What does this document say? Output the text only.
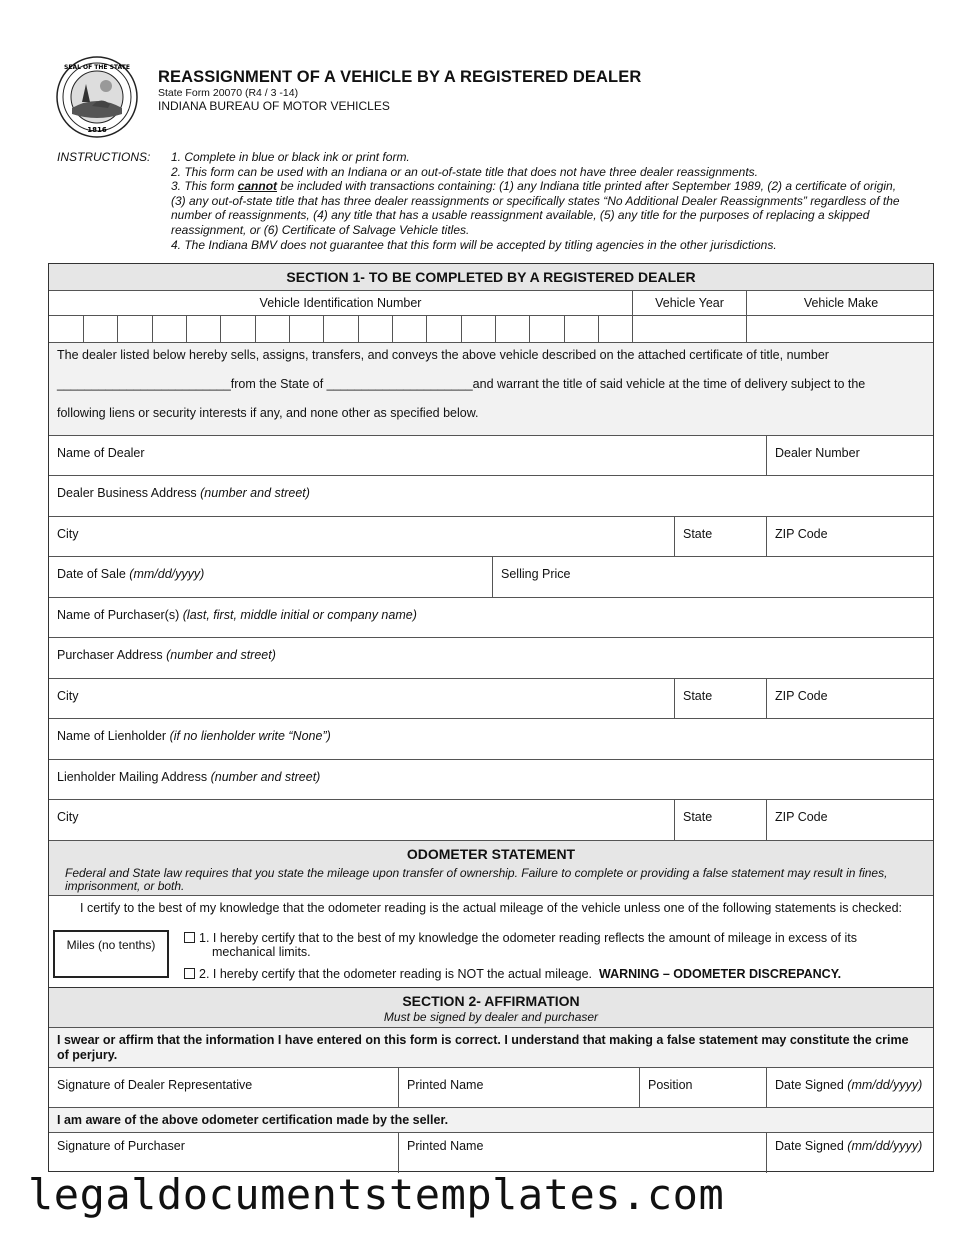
SEAL OF THE STATE
1816
REASSIGNMENT OF A VEHICLE BY A REGISTERED DEALER
State Form 20070 (R4 / 3 -14)
INDIANA BUREAU OF MOTOR VEHICLES
INSTRUCTIONS: 1. Complete in blue or black ink or print form.
2. This form can be used with an Indiana or an out-of-state title that does not have three dealer reassignments.
3. This form cannot be included with transactions containing: (1) any Indiana title printed after September 1989, (2) a certificate of origin, (3) any out-of-state title that has three dealer reassignments or specifically states “No Additional Dealer Reassignments” regardless of the number of reassignments, (4) any title that has a usable reassignment available, (5) any title for the purposes of replacing a skipped reassignment, or (6) Certificate of Salvage Vehicle titles.
4. The Indiana BMV does not guarantee that this form will be accepted by titling agencies in the other jurisdictions.
SECTION 1- TO BE COMPLETED BY A REGISTERED DEALER
Vehicle Identification Number	Vehicle Year	Vehicle Make
The dealer listed below hereby sells, assigns, transfers, and conveys the above vehicle described on the attached certificate of title, number
_________________________from the State of _____________________and warrant the title of said vehicle at the time of delivery subject to the
following liens or security interests if any, and none other as specified below.
Name of Dealer	Dealer Number
Dealer Business Address (number and street)
City	State	ZIP Code
Date of Sale (mm/dd/yyyy)	Selling Price
Name of Purchaser(s) (last, first, middle initial or company name)
Purchaser Address (number and street)
City	State	ZIP Code
Name of Lienholder (if no lienholder write “None”)
Lienholder Mailing Address (number and street)
City	State	ZIP Code
ODOMETER STATEMENT
Federal and State law requires that you state the mileage upon transfer of ownership. Failure to complete or providing a false statement may result in fines, imprisonment, or both.
I certify to the best of my knowledge that the odometer reading is the actual mileage of the vehicle unless one of the following statements is checked:
Miles (no tenths)	1. I hereby certify that to the best of my knowledge the odometer reading reflects the amount of mileage in excess of its
mechanical limits.
2. I hereby certify that the odometer reading is NOT the actual mileage. WARNING – ODOMETER DISCREPANCY.
SECTION 2- AFFIRMATION
Must be signed by dealer and purchaser
I swear or affirm that the information I have entered on this form is correct. I understand that making a false statement may constitute the crime of perjury.
Signature of Dealer Representative	Printed Name	Position	Date Signed (mm/dd/yyyy)
I am aware of the above odometer certification made by the seller.
Signature of Purchaser	Printed Name	Date Signed (mm/dd/yyyy)
legaldocumentstemplates.com
